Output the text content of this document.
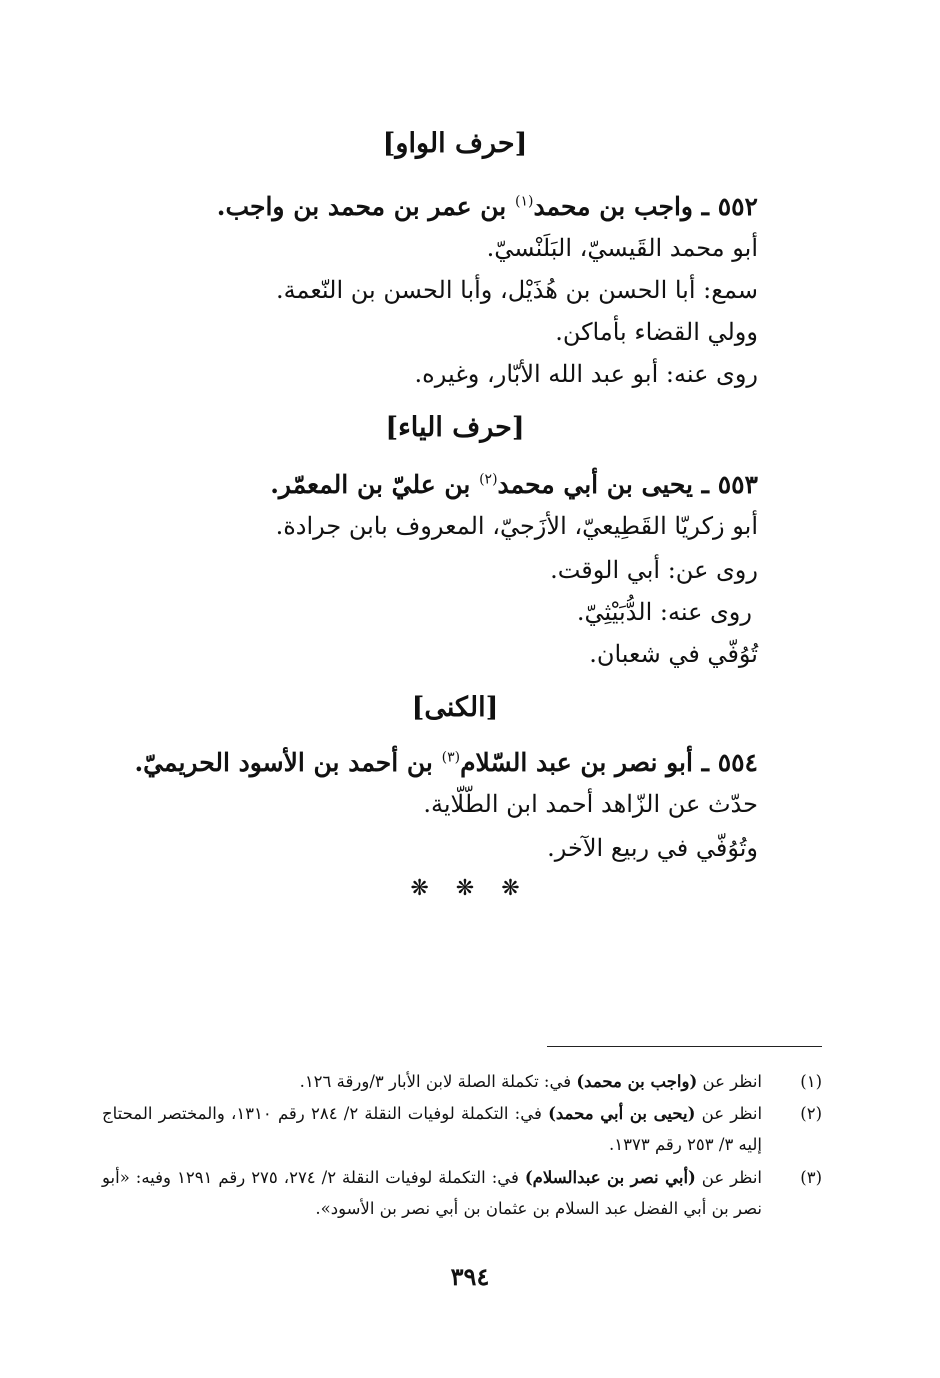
[حرف الواو]
٥٥٢ ـ واجب بن محمد$^{(١)}$ بن عمر بن محمد بن واجب.
أبو محمد القَيسيّ، البَلَنْسيّ.
سمع: أبا الحسن بن هُذَيْل، وأبا الحسن بن النّعمة.
وولي القضاء بأماكن.
روى عنه: أبو عبد الله الأبّار، وغيره.
[حرف الياء]
٥٥٣ ـ يحيى بن أبي محمد$^{(٢)}$ بن عليّ بن المعمّر.
أبو زكريّا القَطِيعيّ، الأزَجيّ، المعروف بابن جرادة.
روى عن: أبي الوقت.
روى عنه: الدُّبَيْثِيّ.
تُوُفّي في شعبان.
[الكنى]
٥٥٤ ـ أبو نصر بن عبد السّلام$^{(٣)}$ بن أحمد بن الأسود الحريميّ.
حدّث عن الزّاهد أحمد ابن الطّلّاية.
وتُوُفّي في ربيع الآخر.
❋ ❋ ❋
(١)
انظر عن (واجب بن محمد) في: تكملة الصلة لابن الأبار ٣/ورقة ١٢٦.
(٢)
انظر عن (يحيى بن أبي محمد) في: التكملة لوفيات النقلة ٢/ ٢٨٤ رقم ١٣١٠، والمختصر المحتاج إليه ٣/ ٢٥٣ رقم ١٣٧٣.
(٣)
انظر عن (أبي نصر بن عبدالسلام) في: التكملة لوفيات النقلة ٢/ ٢٧٤، ٢٧٥ رقم ١٢٩١ وفيه: «أبو نصر بن أبي الفضل عبد السلام بن عثمان بن أبي نصر بن الأسود».
٣٩٤
